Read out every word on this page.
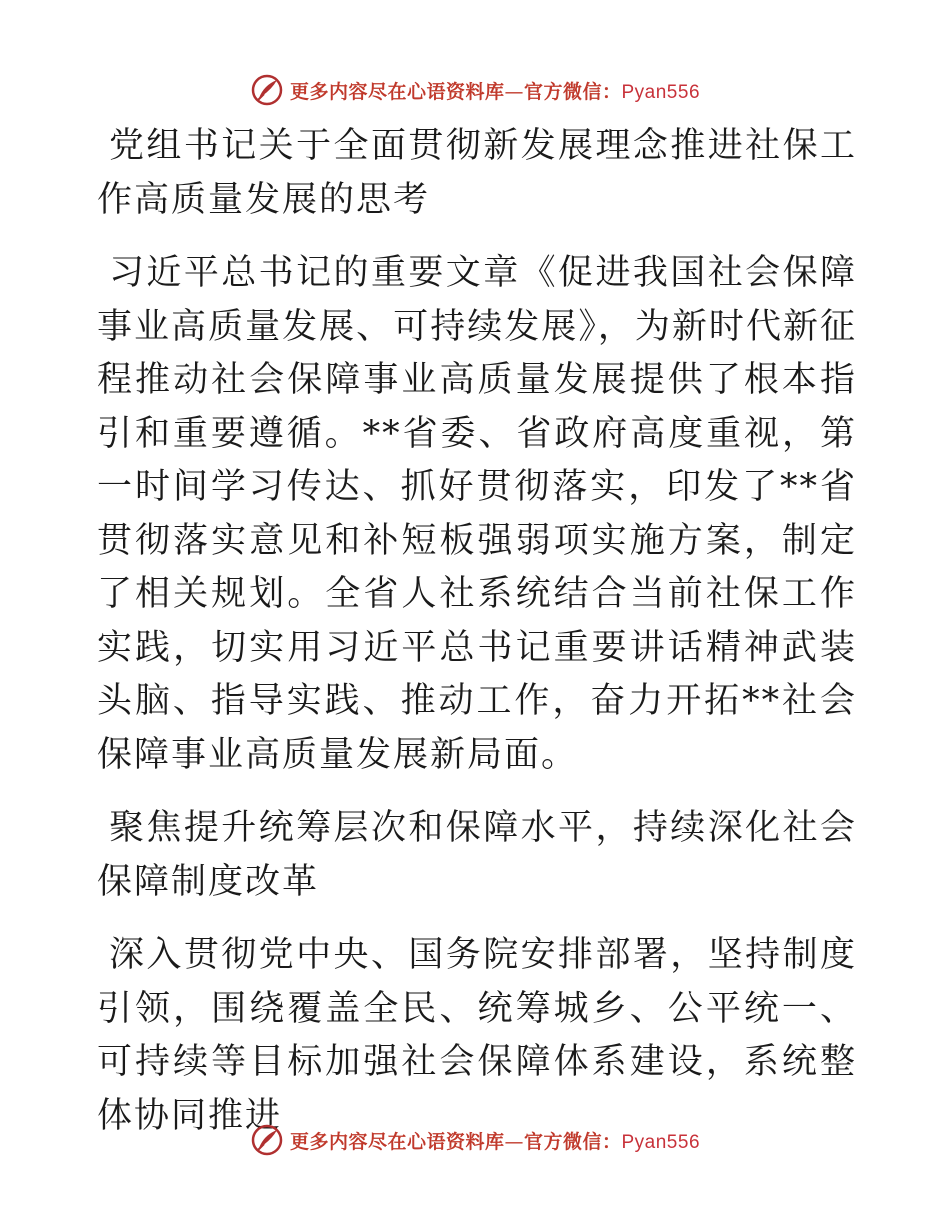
更多内容尽在心语资料库—官方微信：Pyan556

党组书记关于全面贯彻新发展理念推进社保工作高质量发展的思考

习近平总书记的重要文章《促进我国社会保障事业高质量发展、可持续发展》，为新时代新征程推动社会保障事业高质量发展提供了根本指引和重要遵循。**省委、省政府高度重视，第一时间学习传达、抓好贯彻落实，印发了**省贯彻落实意见和补短板强弱项实施方案，制定了相关规划。全省人社系统结合当前社保工作实践，切实用习近平总书记重要讲话精神武装头脑、指导实践、推动工作，奋力开拓**社会保障事业高质量发展新局面。

聚焦提升统筹层次和保障水平，持续深化社会保障制度改革

深入贯彻党中央、国务院安排部署，坚持制度引领，围绕覆盖全民、统筹城乡、公平统一、可持续等目标加强社会保障体系建设，系统整体协同推进

更多内容尽在心语资料库—官方微信：Pyan556
